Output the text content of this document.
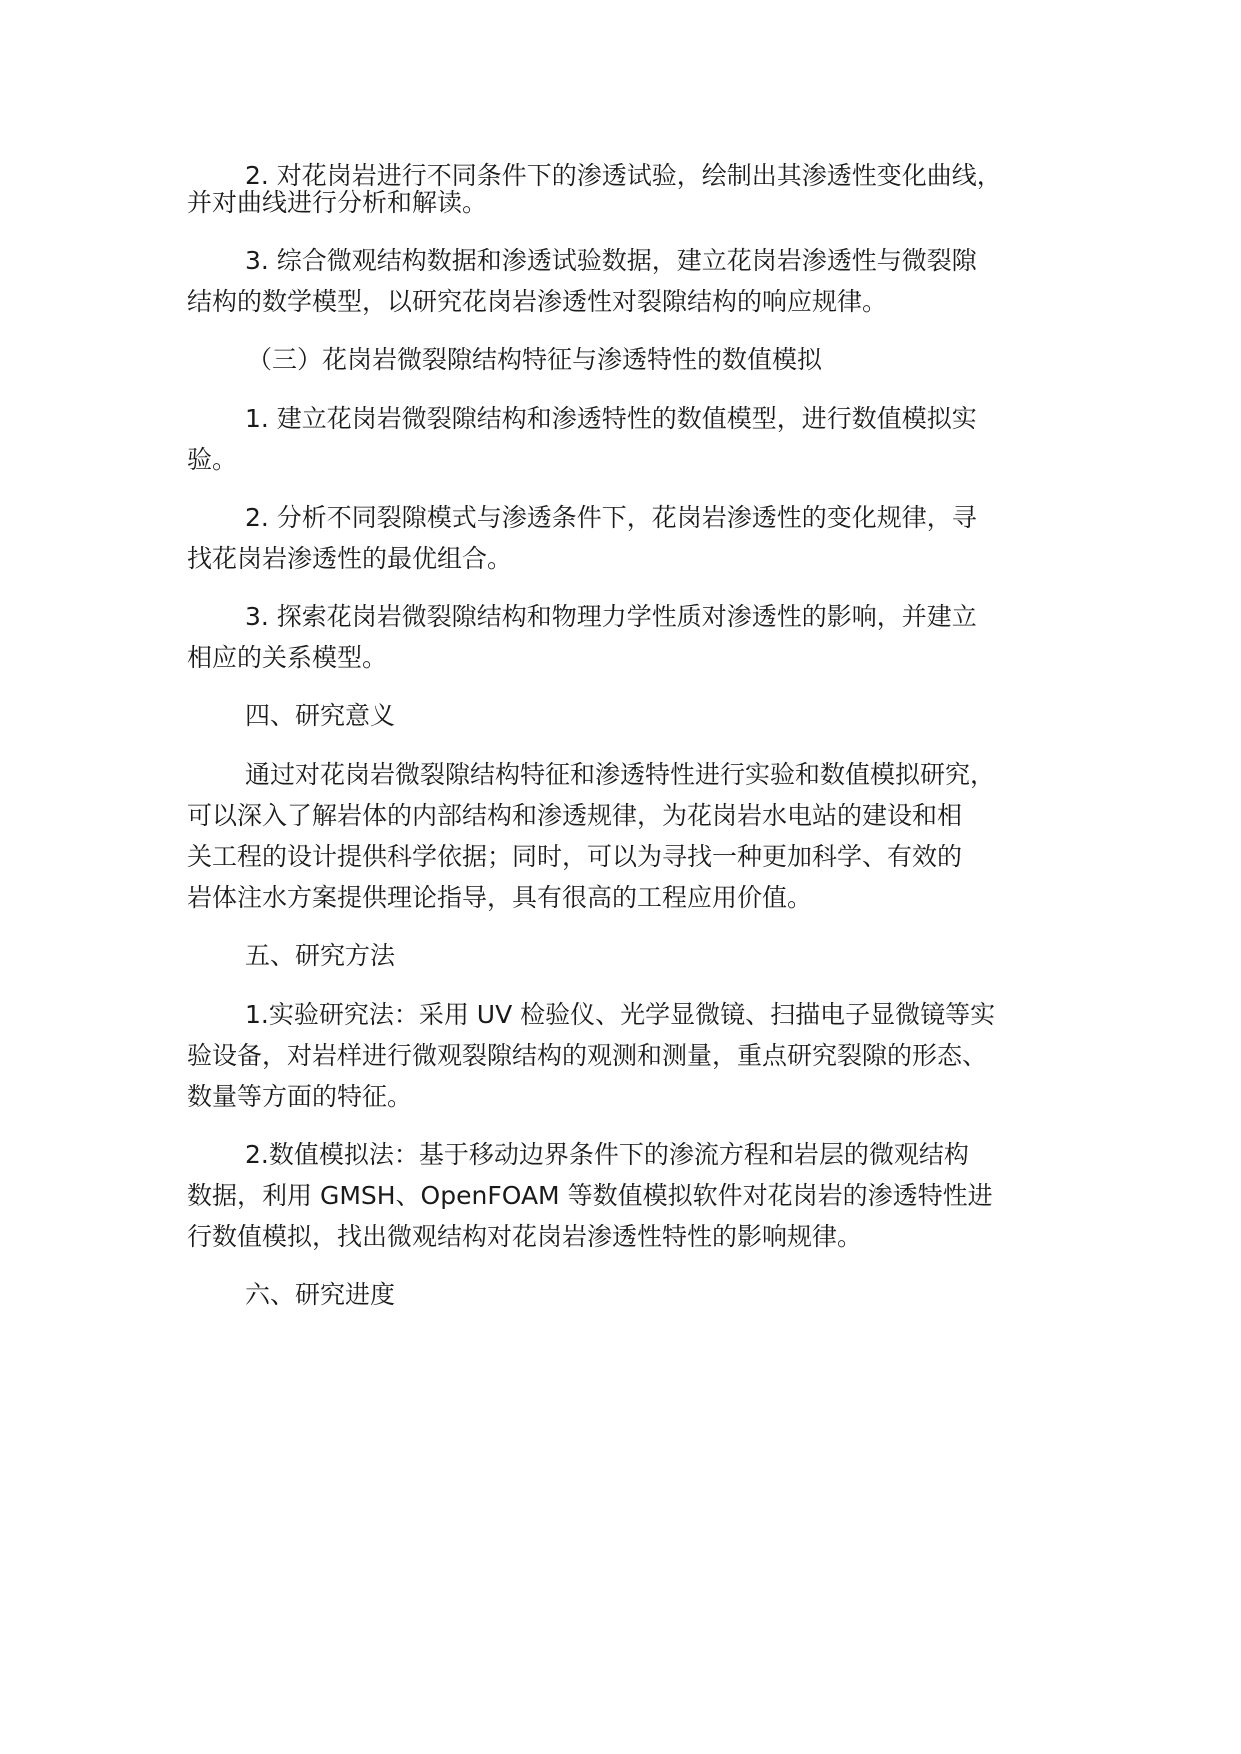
2. 对花岗岩进行不同条件下的渗透试验，绘制出其渗透性变化曲线，
并对曲线进行分析和解读。
3. 综合微观结构数据和渗透试验数据，建立花岗岩渗透性与微裂隙
结构的数学模型，以研究花岗岩渗透性对裂隙结构的响应规律。
（三）花岗岩微裂隙结构特征与渗透特性的数值模拟
1. 建立花岗岩微裂隙结构和渗透特性的数值模型，进行数值模拟实
验。
2. 分析不同裂隙模式与渗透条件下，花岗岩渗透性的变化规律，寻
找花岗岩渗透性的最优组合。
3. 探索花岗岩微裂隙结构和物理力学性质对渗透性的影响，并建立
相应的关系模型。
四、研究意义
通过对花岗岩微裂隙结构特征和渗透特性进行实验和数值模拟研究，
可以深入了解岩体的内部结构和渗透规律，为花岗岩水电站的建设和相
关工程的设计提供科学依据；同时，可以为寻找一种更加科学、有效的
岩体注水方案提供理论指导，具有很高的工程应用价值。
五、研究方法
1.实验研究法：采用 UV 检验仪、光学显微镜、扫描电子显微镜等实
验设备，对岩样进行微观裂隙结构的观测和测量，重点研究裂隙的形态、
数量等方面的特征。
2.数值模拟法：基于移动边界条件下的渗流方程和岩层的微观结构
数据，利用 GMSH、OpenFOAM 等数值模拟软件对花岗岩的渗透特性进
行数值模拟，找出微观结构对花岗岩渗透性特性的影响规律。
六、研究进度
